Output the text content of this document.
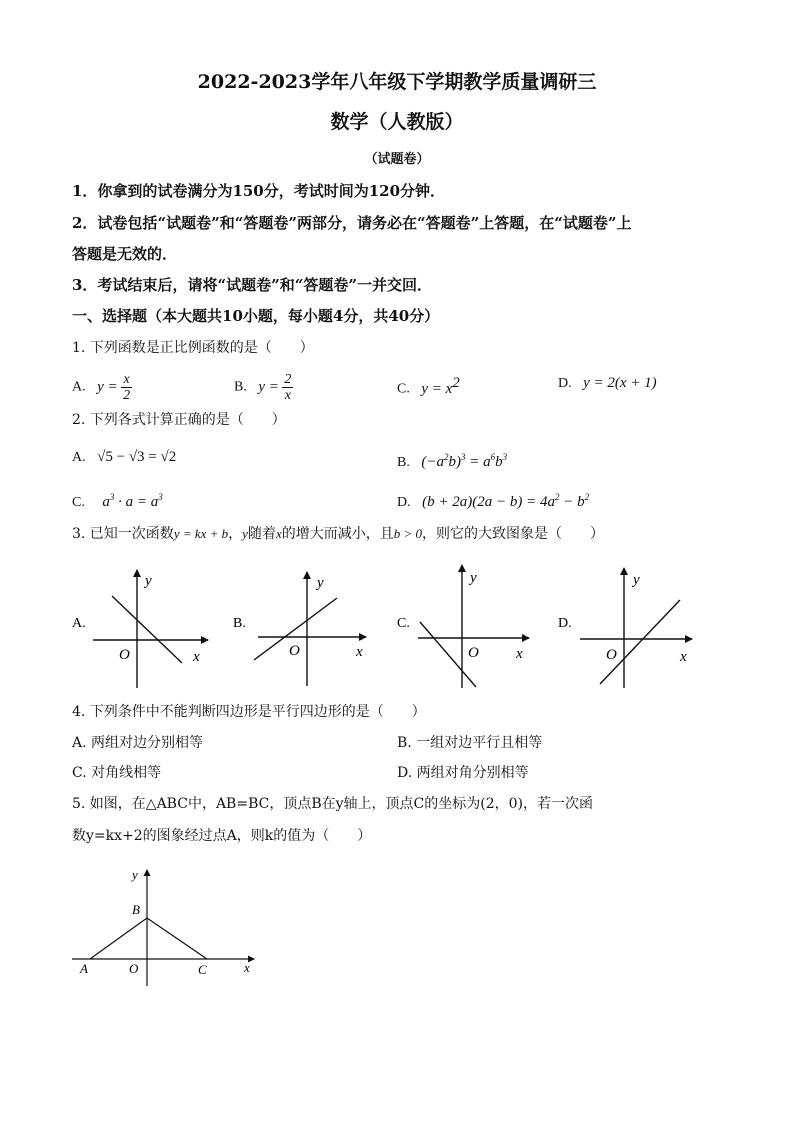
2022-2023学年八年级下学期教学质量调研三
数学（人教版）
（试题卷）
1．你拿到的试卷满分为150分，考试时间为120分钟．
2．试卷包括“试题卷”和“答题卷”两部分，请务必在“答题卷”上答题，在“试题卷”上
答题是无效的．
3．考试结束后，请将“试题卷”和“答题卷”一并交回．
一、选择题（本大题共10小题，每小题4分，共40分）
1. 下列函数是正比例函数的是（　　）
A. $y = \frac{x}{2}$	B. $y = \frac{2}{x}$	C. $y = x^2$	D. y = 2(x + 1)
2. 下列各式计算正确的是（　　）
A. √5 − √3 = √2	B. $(-a^2b)^3 = a^6b^3$
C. $a^3 \cdot a = a^3$	D. $(b + 2a)(2a - b) = 4a^2 - b^2$
3. 已知一次函数y = kx + b，y随着x的增大而减小，且b > 0，则它的大致图象是（　　）
A.
y
x
O
B.
y
x
O
C.
y
x
O
D.
y
x
O
4. 下列条件中不能判断四边形是平行四边形的是（　　）
A. 两组对边分别相等	B. 一组对边平行且相等
C. 对角线相等	D. 两组对角分别相等
5. 如图，在△ABC中，AB=BC，顶点B在y轴上，顶点C的坐标为(2，0)，若一次函
数y=kx+2的图象经过点A，则k的值为（　　）
y
x
B
A	O	C
